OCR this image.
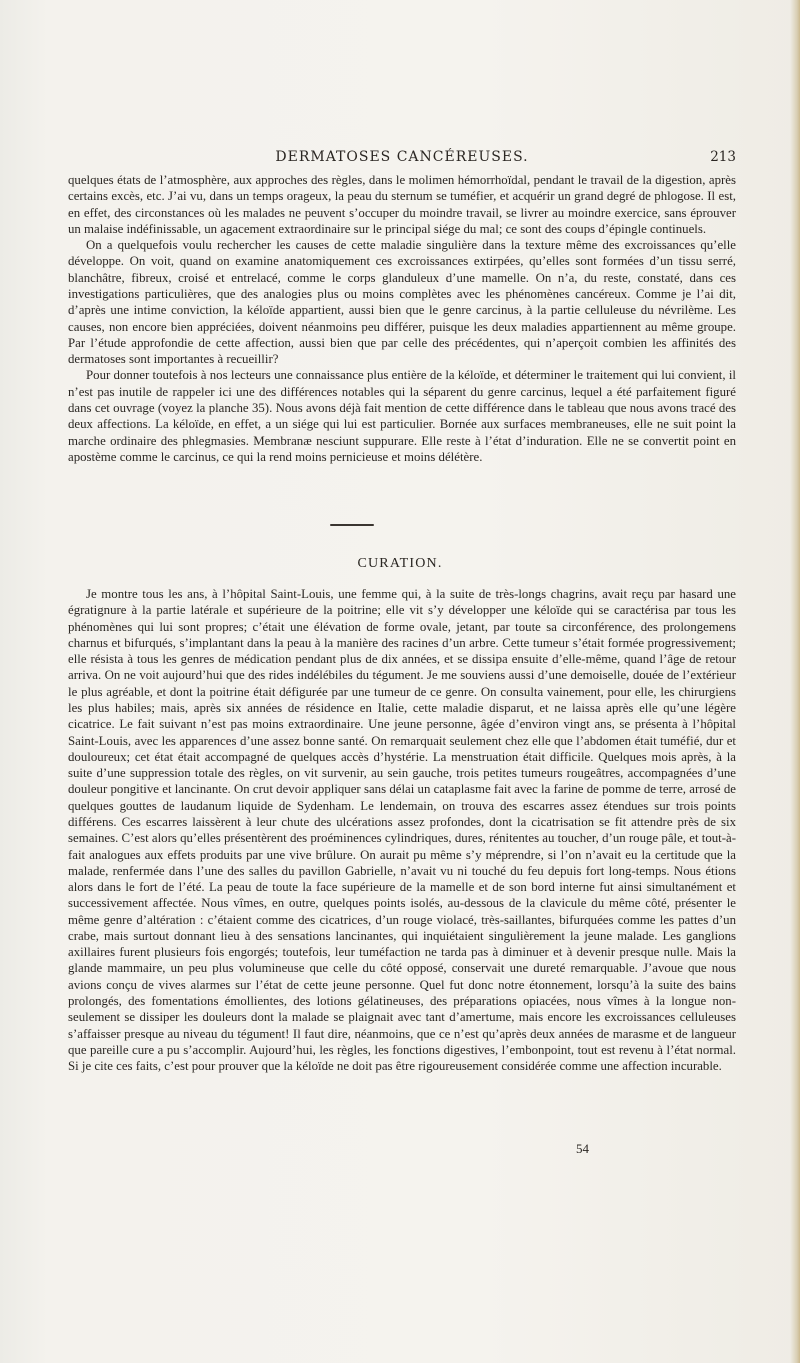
DERMATOSES CANCÉREUSES.	213

quelques états de l’atmosphère, aux approches des règles, dans le molimen hémorrhoïdal, pendant le travail de la digestion, après certains excès, etc. J’ai vu, dans un temps orageux, la peau du sternum se tuméfier, et acquérir un grand degré de phlogose. Il est, en effet, des circonstances où les malades ne peuvent s’occuper du moindre travail, se livrer au moindre exercice, sans éprouver un malaise indéfinissable, un agacement extraordinaire sur le principal siége du mal; ce sont des coups d’épingle continuels.

On a quelquefois voulu rechercher les causes de cette maladie singulière dans la texture même des excroissances qu’elle développe. On voit, quand on examine anatomiquement ces excroissances extirpées, qu’elles sont formées d’un tissu serré, blanchâtre, fibreux, croisé et entrelacé, comme le corps glanduleux d’une mamelle. On n’a, du reste, constaté, dans ces investigations particulières, que des analogies plus ou moins complètes avec les phénomènes cancéreux. Comme je l’ai dit, d’après une intime conviction, la kéloïde appartient, aussi bien que le genre carcinus, à la partie celluleuse du névrilème. Les causes, non encore bien appréciées, doivent néanmoins peu différer, puisque les deux maladies appartiennent au même groupe. Par l’étude approfondie de cette affection, aussi bien que par celle des précédentes, qui n’aperçoit combien les affinités des dermatoses sont importantes à recueillir?

Pour donner toutefois à nos lecteurs une connaissance plus entière de la kéloïde, et déterminer le traitement qui lui convient, il n’est pas inutile de rappeler ici une des différences notables qui la séparent du genre carcinus, lequel a été parfaitement figuré dans cet ouvrage (voyez la planche 35). Nous avons déjà fait mention de cette différence dans le tableau que nous avons tracé des deux affections. La kéloïde, en effet, a un siége qui lui est particulier. Bornée aux surfaces membraneuses, elle ne suit point la marche ordinaire des phlegmasies. Membranæ nesciunt suppurare. Elle reste à l’état d’induration. Elle ne se convertit point en apostème comme le carcinus, ce qui la rend moins pernicieuse et moins délétère.

CURATION.

Je montre tous les ans, à l’hôpital Saint-Louis, une femme qui, à la suite de très-longs chagrins, avait reçu par hasard une égratignure à la partie latérale et supérieure de la poitrine; elle vit s’y développer une kéloïde qui se caractérisa par tous les phénomènes qui lui sont propres; c’était une élévation de forme ovale, jetant, par toute sa circonférence, des prolongemens charnus et bifurqués, s’implantant dans la peau à la manière des racines d’un arbre. Cette tumeur s’était formée progressivement; elle résista à tous les genres de médication pendant plus de dix années, et se dissipa ensuite d’elle-même, quand l’âge de retour arriva. On ne voit aujourd’hui que des rides indélébiles du tégument. Je me souviens aussi d’une demoiselle, douée de l’extérieur le plus agréable, et dont la poitrine était défigurée par une tumeur de ce genre. On consulta vainement, pour elle, les chirurgiens les plus habiles; mais, après six années de résidence en Italie, cette maladie disparut, et ne laissa après elle qu’une légère cicatrice. Le fait suivant n’est pas moins extraordinaire. Une jeune personne, âgée d’environ vingt ans, se présenta à l’hôpital Saint-Louis, avec les apparences d’une assez bonne santé. On remarquait seulement chez elle que l’abdomen était tuméfié, dur et douloureux; cet état était accompagné de quelques accès d’hystérie. La menstruation était difficile. Quelques mois après, à la suite d’une suppression totale des règles, on vit survenir, au sein gauche, trois petites tumeurs rougeâtres, accompagnées d’une douleur pongitive et lancinante. On crut devoir appliquer sans délai un cataplasme fait avec la farine de pomme de terre, arrosé de quelques gouttes de laudanum liquide de Sydenham. Le lendemain, on trouva des escarres assez étendues sur trois points différens. Ces escarres laissèrent à leur chute des ulcérations assez profondes, dont la cicatrisation se fit attendre près de six semaines. C’est alors qu’elles présentèrent des proéminences cylindriques, dures, rénitentes au toucher, d’un rouge pâle, et tout-à-fait analogues aux effets produits par une vive brûlure. On aurait pu même s’y méprendre, si l’on n’avait eu la certitude que la malade, renfermée dans l’une des salles du pavillon Gabrielle, n’avait vu ni touché du feu depuis fort long-temps. Nous étions alors dans le fort de l’été. La peau de toute la face supérieure de la mamelle et de son bord interne fut ainsi simultanément et successivement affectée. Nous vîmes, en outre, quelques points isolés, au-dessous de la clavicule du même côté, présenter le même genre d’altération : c’étaient comme des cicatrices, d’un rouge violacé, très-saillantes, bifurquées comme les pattes d’un crabe, mais surtout donnant lieu à des sensations lancinantes, qui inquiétaient singulièrement la jeune malade. Les ganglions axillaires furent plusieurs fois engorgés; toutefois, leur tuméfaction ne tarda pas à diminuer et à devenir presque nulle. Mais la glande mammaire, un peu plus volumineuse que celle du côté opposé, conservait une dureté remarquable. J’avoue que nous avions conçu de vives alarmes sur l’état de cette jeune personne. Quel fut donc notre étonnement, lorsqu’à la suite des bains prolongés, des fomentations émollientes, des lotions gélatineuses, des préparations opiacées, nous vîmes à la longue non-seulement se dissiper les douleurs dont la malade se plaignait avec tant d’amertume, mais encore les excroissances celluleuses s’affaisser presque au niveau du tégument! Il faut dire, néanmoins, que ce n’est qu’après deux années de marasme et de langueur que pareille cure a pu s’accomplir. Aujourd’hui, les règles, les fonctions digestives, l’embonpoint, tout est revenu à l’état normal. Si je cite ces faits, c’est pour prouver que la kéloïde ne doit pas être rigoureusement considérée comme une affection incurable.

54
